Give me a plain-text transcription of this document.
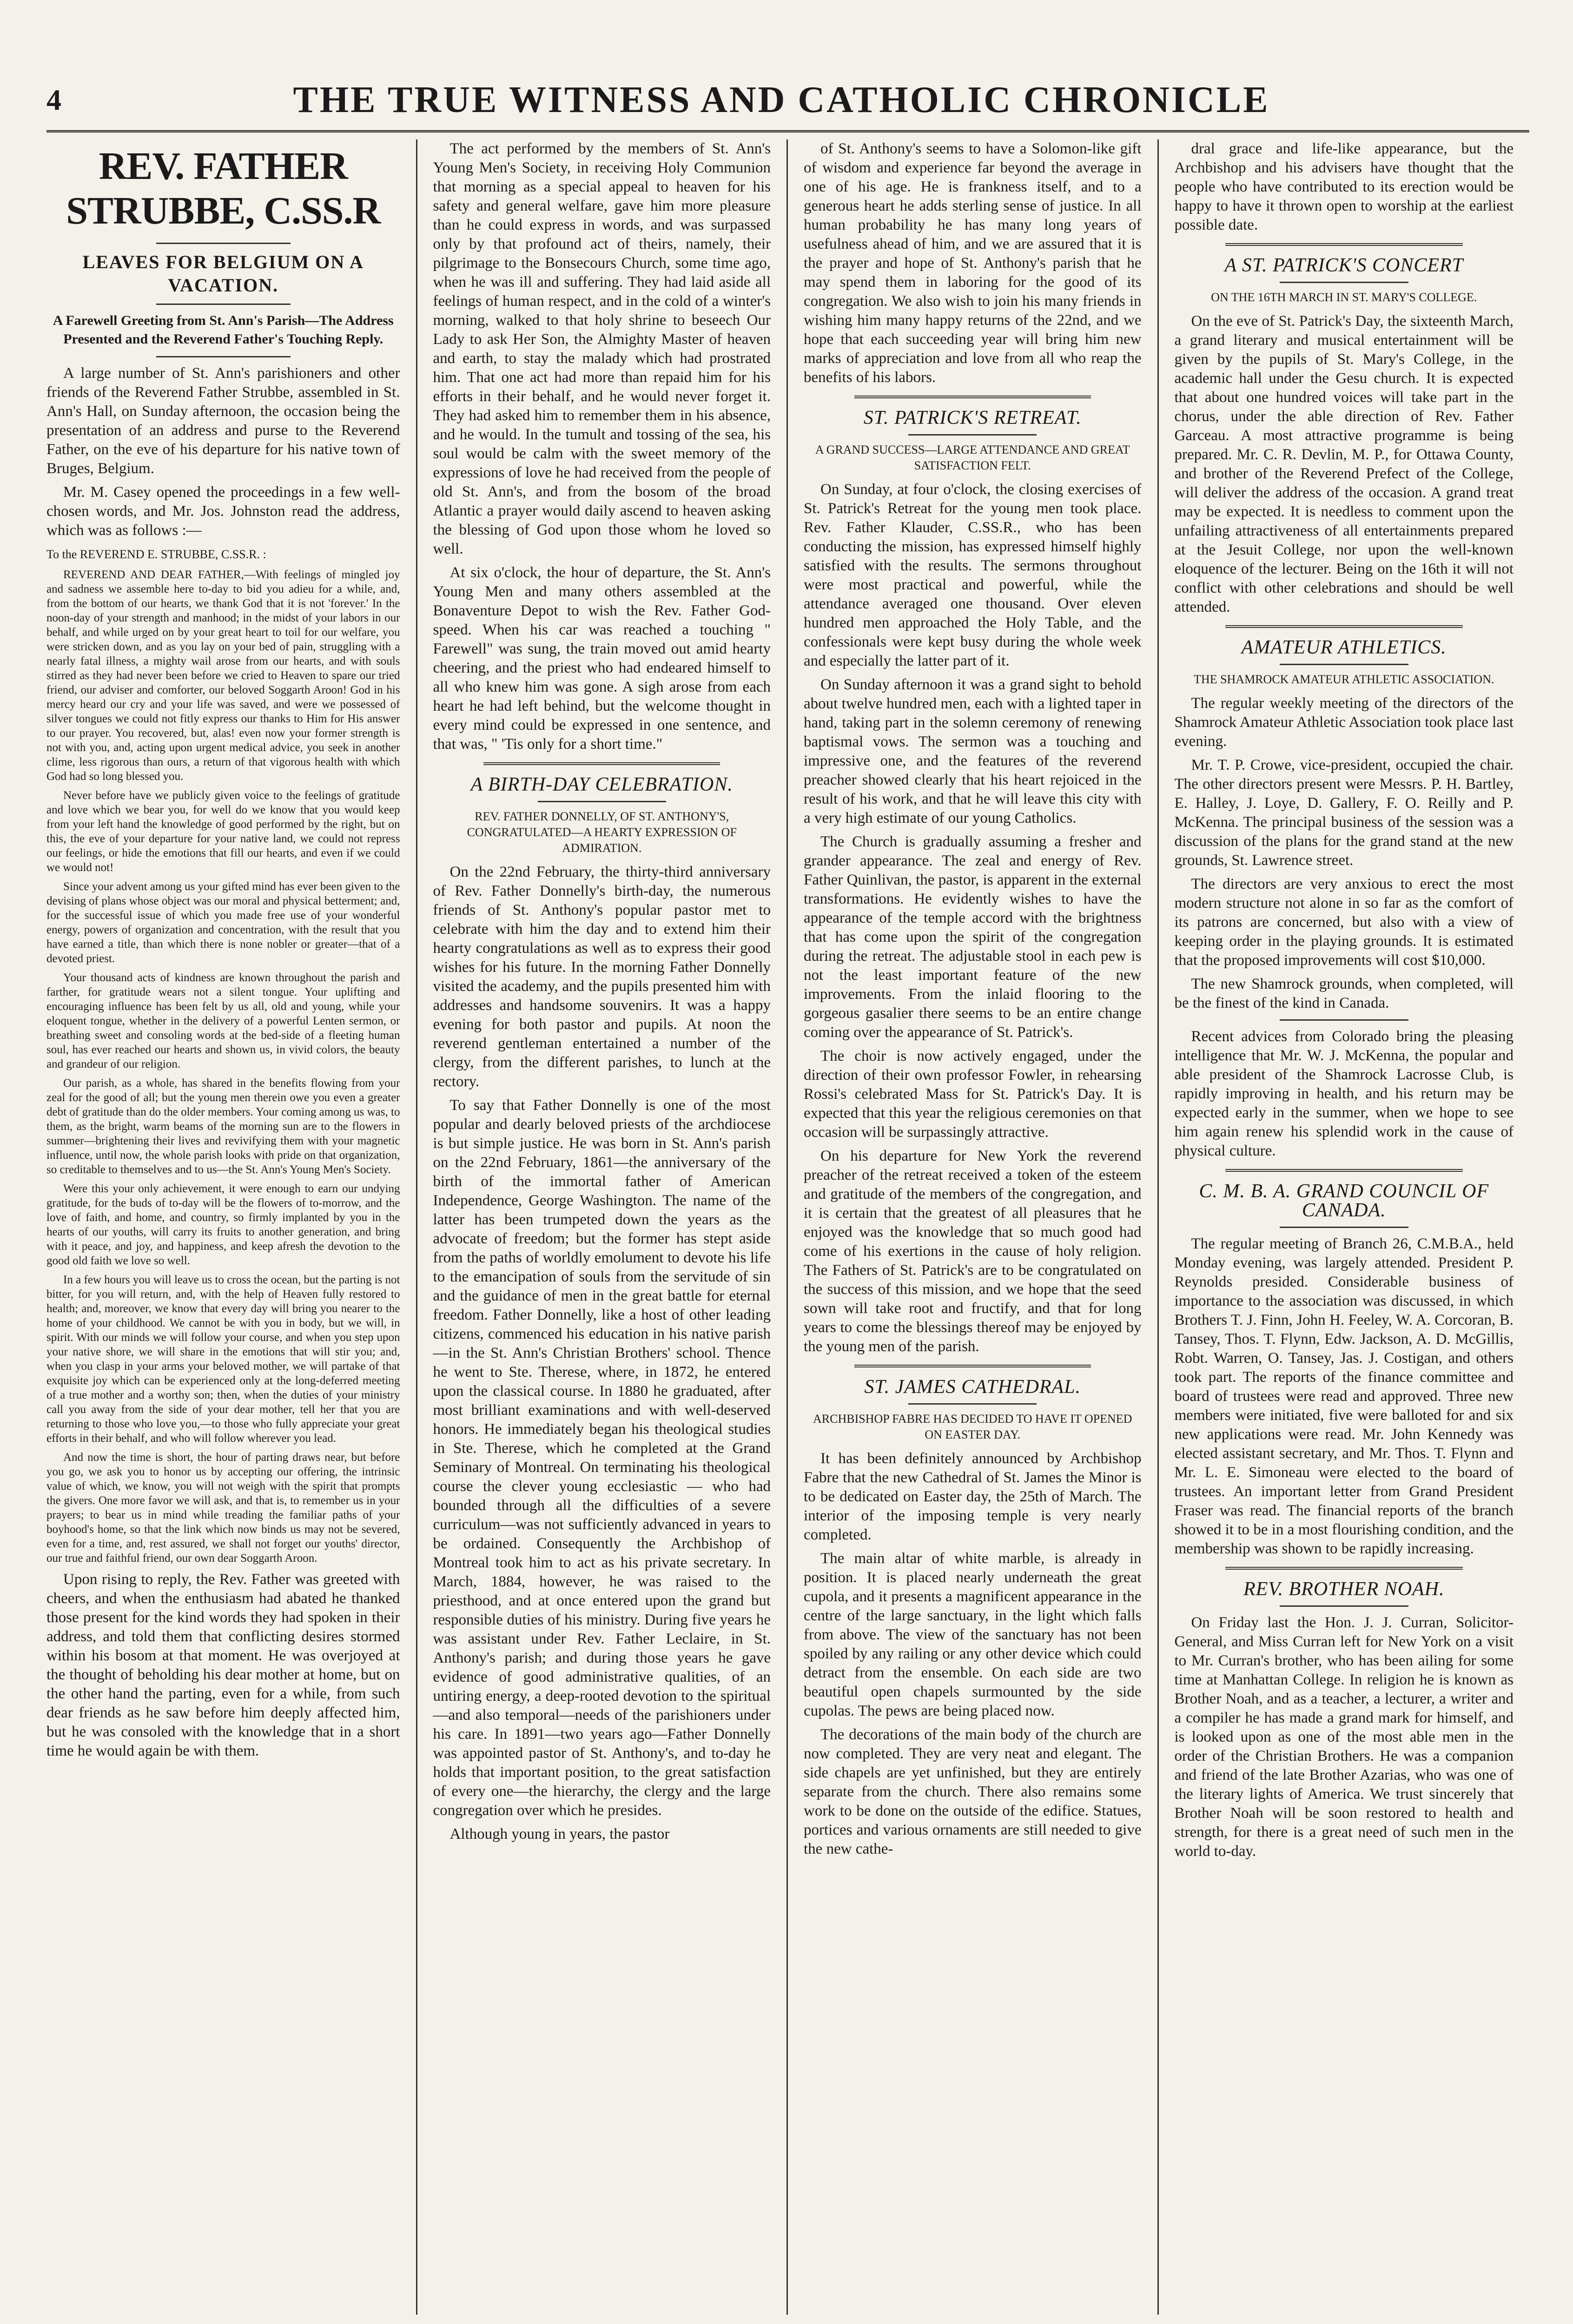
4	THE TRUE WITNESS AND CATHOLIC CHRONICLE
REV. FATHER STRUBBE, C.SS.R
LEAVES FOR BELGIUM ON A VACATION.
A Farewell Greeting from St. Ann's Parish—The Address Presented and the Reverend Father's Touching Reply.

A large number of St. Ann's parishioners and other friends of the Reverend Father Strubbe, assembled in St. Ann's Hall, on Sunday afternoon, the occasion being the presentation of an address and purse to the Reverend Father, on the eve of his departure for his native town of Bruges, Belgium.

Mr. M. Casey opened the proceedings in a few well-chosen words, and Mr. Jos. Johnston read the address, which was as follows :—

To the REVEREND E. STRUBBE, C.SS.R. :

REVEREND AND DEAR FATHER,—With feelings of mingled joy and sadness we assemble here to-day to bid you adieu for a while, and, from the bottom of our hearts, we thank God that it is not 'forever.' In the noon-day of your strength and manhood; in the midst of your labors in our behalf, and while urged on by your great heart to toil for our welfare, you were stricken down, and as you lay on your bed of pain, struggling with a nearly fatal illness, a mighty wail arose from our hearts, and with souls stirred as they had never been before we cried to Heaven to spare our tried friend, our adviser and comforter, our beloved Soggarth Aroon! God in his mercy heard our cry and your life was saved, and were we possessed of silver tongues we could not fitly express our thanks to Him for His answer to our prayer. You recovered, but, alas! even now your former strength is not with you, and, acting upon urgent medical advice, you seek in another clime, less rigorous than ours, a return of that vigorous health with which God had so long blessed you.

Never before have we publicly given voice to the feelings of gratitude and love which we bear you, for well do we know that you would keep from your left hand the knowledge of good performed by the right, but on this, the eve of your departure for your native land, we could not repress our feelings, or hide the emotions that fill our hearts, and even if we could we would not!

Since your advent among us your gifted mind has ever been given to the devising of plans whose object was our moral and physical betterment; and, for the successful issue of which you made free use of your wonderful energy, powers of organization and concentration, with the result that you have earned a title, than which there is none nobler or greater—that of a devoted priest.

Your thousand acts of kindness are known throughout the parish and farther, for gratitude wears not a silent tongue. Your uplifting and encouraging influence has been felt by us all, old and young, while your eloquent tongue, whether in the delivery of a powerful Lenten sermon, or breathing sweet and consoling words at the bed-side of a fleeting human soul, has ever reached our hearts and shown us, in vivid colors, the beauty and grandeur of our religion.

Our parish, as a whole, has shared in the benefits flowing from your zeal for the good of all; but the young men therein owe you even a greater debt of gratitude than do the older members. Your coming among us was, to them, as the bright, warm beams of the morning sun are to the flowers in summer—brightening their lives and revivifying them with your magnetic influence, until now, the whole parish looks with pride on that organization, so creditable to themselves and to us—the St. Ann's Young Men's Society.

Were this your only achievement, it were enough to earn our undying gratitude, for the buds of to-day will be the flowers of to-morrow, and the love of faith, and home, and country, so firmly implanted by you in the hearts of our youths, will carry its fruits to another generation, and bring with it peace, and joy, and happiness, and keep afresh the devotion to the good old faith we love so well.

In a few hours you will leave us to cross the ocean, but the parting is not bitter, for you will return, and, with the help of Heaven fully restored to health; and, moreover, we know that every day will bring you nearer to the home of your childhood. We cannot be with you in body, but we will, in spirit. With our minds we will follow your course, and when you step upon your native shore, we will share in the emotions that will stir you; and, when you clasp in your arms your beloved mother, we will partake of that exquisite joy which can be experienced only at the long-deferred meeting of a true mother and a worthy son; then, when the duties of your ministry call you away from the side of your dear mother, tell her that you are returning to those who love you,—to those who fully appreciate your great efforts in their behalf, and who will follow wherever you lead.

And now the time is short, the hour of parting draws near, but before you go, we ask you to honor us by accepting our offering, the intrinsic value of which, we know, you will not weigh with the spirit that prompts the givers. One more favor we will ask, and that is, to remember us in your prayers; to bear us in mind while treading the familiar paths of your boyhood's home, so that the link which now binds us may not be severed, even for a time, and, rest assured, we shall not forget our youths' director, our true and faithful friend, our own dear Soggarth Aroon.

Upon rising to reply, the Rev. Father was greeted with cheers, and when the enthusiasm had abated he thanked those present for the kind words they had spoken in their address, and told them that conflicting desires stormed within his bosom at that moment. He was overjoyed at the thought of beholding his dear mother at home, but on the other hand the parting, even for a while, from such dear friends as he saw before him deeply affected him, but he was consoled with the knowledge that in a short time he would again be with them.

The act performed by the members of St. Ann's Young Men's Society, in receiving Holy Communion that morning as a special appeal to heaven for his safety and general welfare, gave him more pleasure than he could express in words, and was surpassed only by that profound act of theirs, namely, their pilgrimage to the Bonsecours Church, some time ago, when he was ill and suffering. They had laid aside all feelings of human respect, and in the cold of a winter's morning, walked to that holy shrine to beseech Our Lady to ask Her Son, the Almighty Master of heaven and earth, to stay the malady which had prostrated him. That one act had more than repaid him for his efforts in their behalf, and he would never forget it. They had asked him to remember them in his absence, and he would. In the tumult and tossing of the sea, his soul would be calm with the sweet memory of the expressions of love he had received from the people of old St. Ann's, and from the bosom of the broad Atlantic a prayer would daily ascend to heaven asking the blessing of God upon those whom he loved so well.

At six o'clock, the hour of departure, the St. Ann's Young Men and many others assembled at the Bonaventure Depot to wish the Rev. Father God-speed. When his car was reached a touching " Farewell" was sung, the train moved out amid hearty cheering, and the priest who had endeared himself to all who knew him was gone. A sigh arose from each heart he had left behind, but the welcome thought in every mind could be expressed in one sentence, and that was, " 'Tis only for a short time."

A BIRTH-DAY CELEBRATION.
REV. FATHER DONNELLY, OF ST. ANTHONY'S, CONGRATULATED—A HEARTY EXPRESSION OF ADMIRATION.

On the 22nd February, the thirty-third anniversary of Rev. Father Donnelly's birth-day, the numerous friends of St. Anthony's popular pastor met to celebrate with him the day and to extend him their hearty congratulations as well as to express their good wishes for his future. In the morning Father Donnelly visited the academy, and the pupils presented him with addresses and handsome souvenirs. It was a happy evening for both pastor and pupils. At noon the reverend gentleman entertained a number of the clergy, from the different parishes, to lunch at the rectory.

To say that Father Donnelly is one of the most popular and dearly beloved priests of the archdiocese is but simple justice. He was born in St. Ann's parish on the 22nd February, 1861—the anniversary of the birth of the immortal father of American Independence, George Washington. The name of the latter has been trumpeted down the years as the advocate of freedom; but the former has stept aside from the paths of worldly emolument to devote his life to the emancipation of souls from the servitude of sin and the guidance of men in the great battle for eternal freedom. Father Donnelly, like a host of other leading citizens, commenced his education in his native parish—in the St. Ann's Christian Brothers' school. Thence he went to Ste. Therese, where, in 1872, he entered upon the classical course. In 1880 he graduated, after most brilliant examinations and with well-deserved honors. He immediately began his theological studies in Ste. Therese, which he completed at the Grand Seminary of Montreal. On terminating his theological course the clever young ecclesiastic — who had bounded through all the difficulties of a severe curriculum—was not sufficiently advanced in years to be ordained. Consequently the Archbishop of Montreal took him to act as his private secretary. In March, 1884, however, he was raised to the priesthood, and at once entered upon the grand but responsible duties of his ministry. During five years he was assistant under Rev. Father Leclaire, in St. Anthony's parish; and during those years he gave evidence of good administrative qualities, of an untiring energy, a deep-rooted devotion to the spiritual—and also temporal—needs of the parishioners under his care. In 1891—two years ago—Father Donnelly was appointed pastor of St. Anthony's, and to-day he holds that important position, to the great satisfaction of every one—the hierarchy, the clergy and the large congregation over which he presides.

Although young in years, the pastor

of St. Anthony's seems to have a Solomon-like gift of wisdom and experience far beyond the average in one of his age. He is frankness itself, and to a generous heart he adds sterling sense of justice. In all human probability he has many long years of usefulness ahead of him, and we are assured that it is the prayer and hope of St. Anthony's parish that he may spend them in laboring for the good of its congregation. We also wish to join his many friends in wishing him many happy returns of the 22nd, and we hope that each succeeding year will bring him new marks of appreciation and love from all who reap the benefits of his labors.

ST. PATRICK'S RETREAT.
A GRAND SUCCESS—LARGE ATTENDANCE AND GREAT SATISFACTION FELT.

On Sunday, at four o'clock, the closing exercises of St. Patrick's Retreat for the young men took place. Rev. Father Klauder, C.SS.R., who has been conducting the mission, has expressed himself highly satisfied with the results. The sermons throughout were most practical and powerful, while the attendance averaged one thousand. Over eleven hundred men approached the Holy Table, and the confessionals were kept busy during the whole week and especially the latter part of it.

On Sunday afternoon it was a grand sight to behold about twelve hundred men, each with a lighted taper in hand, taking part in the solemn ceremony of renewing baptismal vows. The sermon was a touching and impressive one, and the features of the reverend preacher showed clearly that his heart rejoiced in the result of his work, and that he will leave this city with a very high estimate of our young Catholics.

The Church is gradually assuming a fresher and grander appearance. The zeal and energy of Rev. Father Quinlivan, the pastor, is apparent in the external transformations. He evidently wishes to have the appearance of the temple accord with the brightness that has come upon the spirit of the congregation during the retreat. The adjustable stool in each pew is not the least important feature of the new improvements. From the inlaid flooring to the gorgeous gasalier there seems to be an entire change coming over the appearance of St. Patrick's.

The choir is now actively engaged, under the direction of their own professor Fowler, in rehearsing Rossi's celebrated Mass for St. Patrick's Day. It is expected that this year the religious ceremonies on that occasion will be surpassingly attractive.

On his departure for New York the reverend preacher of the retreat received a token of the esteem and gratitude of the members of the congregation, and it is certain that the greatest of all pleasures that he enjoyed was the knowledge that so much good had come of his exertions in the cause of holy religion. The Fathers of St. Patrick's are to be congratulated on the success of this mission, and we hope that the seed sown will take root and fructify, and that for long years to come the blessings thereof may be enjoyed by the young men of the parish.

ST. JAMES CATHEDRAL.
ARCHBISHOP FABRE HAS DECIDED TO HAVE IT OPENED ON EASTER DAY.

It has been definitely announced by Archbishop Fabre that the new Cathedral of St. James the Minor is to be dedicated on Easter day, the 25th of March. The interior of the imposing temple is very nearly completed.

The main altar of white marble, is already in position. It is placed nearly underneath the great cupola, and it presents a magnificent appearance in the centre of the large sanctuary, in the light which falls from above. The view of the sanctuary has not been spoiled by any railing or any other device which could detract from the ensemble. On each side are two beautiful open chapels surmounted by the side cupolas. The pews are being placed now.

The decorations of the main body of the church are now completed. They are very neat and elegant. The side chapels are yet unfinished, but they are entirely separate from the church. There also remains some work to be done on the outside of the edifice. Statues, portices and various ornaments are still needed to give the new cathe-

dral grace and life-like appearance, but the Archbishop and his advisers have thought that the people who have contributed to its erection would be happy to have it thrown open to worship at the earliest possible date.

A ST. PATRICK'S CONCERT
ON THE 16TH MARCH IN ST. MARY'S COLLEGE.

On the eve of St. Patrick's Day, the sixteenth March, a grand literary and musical entertainment will be given by the pupils of St. Mary's College, in the academic hall under the Gesu church. It is expected that about one hundred voices will take part in the chorus, under the able direction of Rev. Father Garceau. A most attractive programme is being prepared. Mr. C. R. Devlin, M. P., for Ottawa County, and brother of the Reverend Prefect of the College, will deliver the address of the occasion. A grand treat may be expected. It is needless to comment upon the unfailing attractiveness of all entertainments prepared at the Jesuit College, nor upon the well-known eloquence of the lecturer. Being on the 16th it will not conflict with other celebrations and should be well attended.

AMATEUR ATHLETICS.
THE SHAMROCK AMATEUR ATHLETIC ASSOCIATION.

The regular weekly meeting of the directors of the Shamrock Amateur Athletic Association took place last evening.

Mr. T. P. Crowe, vice-president, occupied the chair. The other directors present were Messrs. P. H. Bartley, E. Halley, J. Loye, D. Gallery, F. O. Reilly and P. McKenna. The principal business of the session was a discussion of the plans for the grand stand at the new grounds, St. Lawrence street.

The directors are very anxious to erect the most modern structure not alone in so far as the comfort of its patrons are concerned, but also with a view of keeping order in the playing grounds. It is estimated that the proposed improvements will cost $10,000.

The new Shamrock grounds, when completed, will be the finest of the kind in Canada.

Recent advices from Colorado bring the pleasing intelligence that Mr. W. J. McKenna, the popular and able president of the Shamrock Lacrosse Club, is rapidly improving in health, and his return may be expected early in the summer, when we hope to see him again renew his splendid work in the cause of physical culture.

C. M. B. A. GRAND COUNCIL OF CANADA.

The regular meeting of Branch 26, C.M.B.A., held Monday evening, was largely attended. President P. Reynolds presided. Considerable business of importance to the association was discussed, in which Brothers T. J. Finn, John H. Feeley, W. A. Corcoran, B. Tansey, Thos. T. Flynn, Edw. Jackson, A. D. McGillis, Robt. Warren, O. Tansey, Jas. J. Costigan, and others took part. The reports of the finance committee and board of trustees were read and approved. Three new members were initiated, five were balloted for and six new applications were read. Mr. John Kennedy was elected assistant secretary, and Mr. Thos. T. Flynn and Mr. L. E. Simoneau were elected to the board of trustees. An important letter from Grand President Fraser was read. The financial reports of the branch showed it to be in a most flourishing condition, and the membership was shown to be rapidly increasing.

REV. BROTHER NOAH.

On Friday last the Hon. J. J. Curran, Solicitor-General, and Miss Curran left for New York on a visit to Mr. Curran's brother, who has been ailing for some time at Manhattan College. In religion he is known as Brother Noah, and as a teacher, a lecturer, a writer and a compiler he has made a grand mark for himself, and is looked upon as one of the most able men in the order of the Christian Brothers. He was a companion and friend of the late Brother Azarias, who was one of the literary lights of America. We trust sincerely that Brother Noah will be soon restored to health and strength, for there is a great need of such men in the world to-day.
